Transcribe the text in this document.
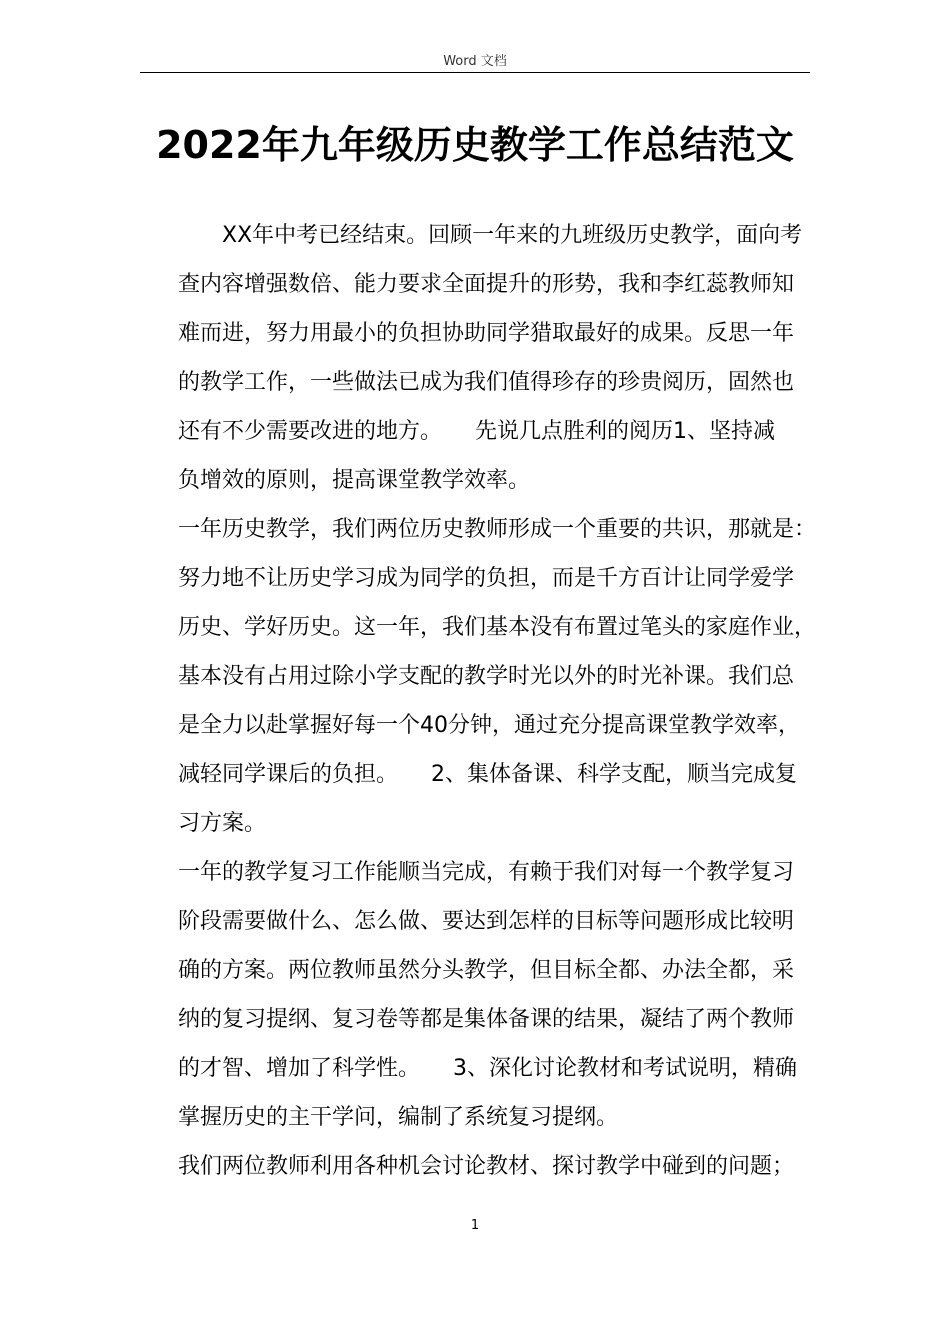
Word 文档
2022年九年级历史教学工作总结范文
　　XX年中考已经结束。回顾一年来的九班级历史教学，面向考
查内容增强数倍、能力要求全面提升的形势，我和李红蕊教师知
难而进，努力用最小的负担协助同学猎取最好的成果。反思一年
的教学工作，一些做法已成为我们值得珍存的珍贵阅历，固然也
还有不少需要改进的地方。　　先说几点胜利的阅历1、坚持减
负增效的原则，提高课堂教学效率。
一年历史教学，我们两位历史教师形成一个重要的共识，那就是：
努力地不让历史学习成为同学的负担，而是千方百计让同学爱学
历史、学好历史。这一年，我们基本没有布置过笔头的家庭作业，
基本没有占用过除小学支配的教学时光以外的时光补课。我们总
是全力以赴掌握好每一个40分钟，通过充分提高课堂教学效率，
减轻同学课后的负担。　　2、集体备课、科学支配，顺当完成复
习方案。
一年的教学复习工作能顺当完成，有赖于我们对每一个教学复习
阶段需要做什么、怎么做、要达到怎样的目标等问题形成比较明
确的方案。两位教师虽然分头教学，但目标全都、办法全都，采
纳的复习提纲、复习卷等都是集体备课的结果，凝结了两个教师
的才智、增加了科学性。　　3、深化讨论教材和考试说明，精确
掌握历史的主干学问，编制了系统复习提纲。
我们两位教师利用各种机会讨论教材、探讨教学中碰到的问题；
1
